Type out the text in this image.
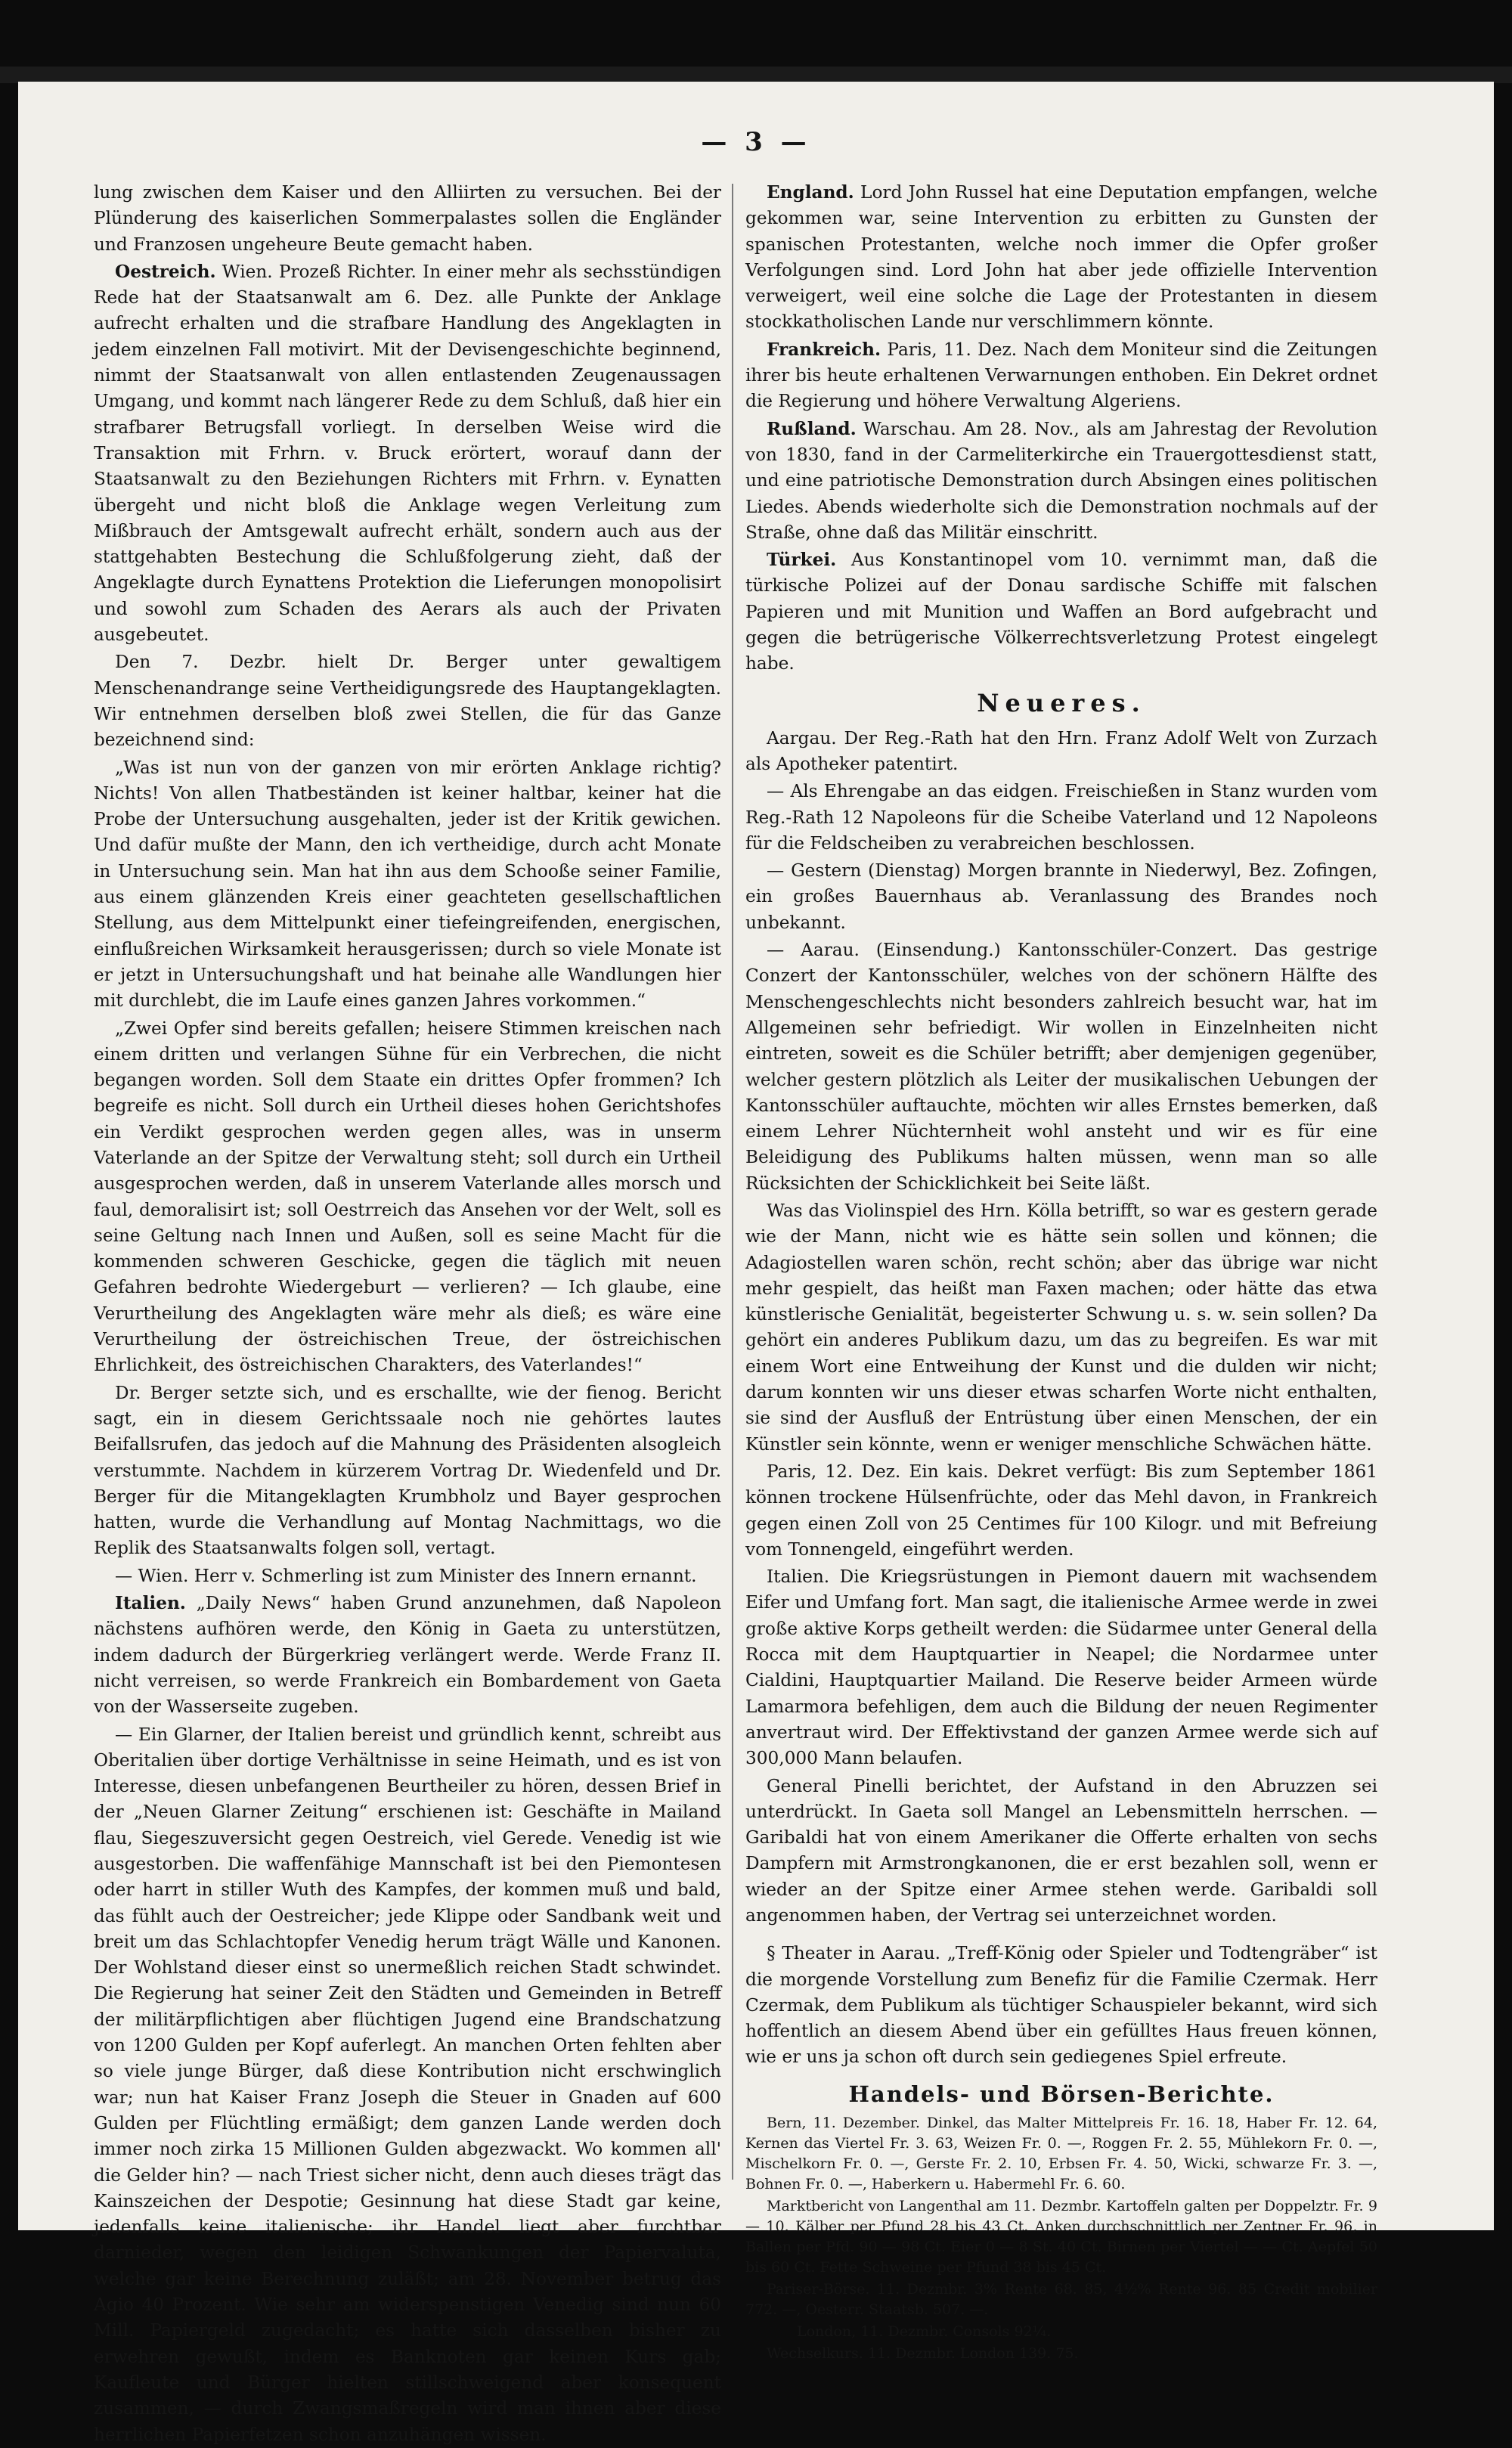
— 3 —

lung zwischen dem Kaiser und den Alliirten zu versuchen. Bei der Plünderung des kaiserlichen Sommerpalastes sollen die Engländer und Franzosen ungeheure Beute gemacht haben.

Oestreich. Wien. Prozeß Richter. In einer mehr als sechsstündigen Rede hat der Staatsanwalt am 6. Dez. alle Punkte der Anklage aufrecht erhalten und die strafbare Handlung des Angeklagten in jedem einzelnen Fall motivirt. Mit der Devisengeschichte beginnend, nimmt der Staatsanwalt von allen entlastenden Zeugenaussagen Umgang, und kommt nach längerer Rede zu dem Schluß, daß hier ein strafbarer Betrugsfall vorliegt. In derselben Weise wird die Transaktion mit Frhrn. v. Bruck erörtert, worauf dann der Staatsanwalt zu den Beziehungen Richters mit Frhrn. v. Eynatten übergeht und nicht bloß die Anklage wegen Verleitung zum Mißbrauch der Amtsgewalt aufrecht erhält, sondern auch aus der stattgehabten Bestechung die Schlußfolgerung zieht, daß der Angeklagte durch Eynattens Protektion die Lieferungen monopolisirt und sowohl zum Schaden des Aerars als auch der Privaten ausgebeutet.

Den 7. Dezbr. hielt Dr. Berger unter gewaltigem Menschenandrange seine Vertheidigungsrede des Hauptangeklagten. Wir entnehmen derselben bloß zwei Stellen, die für das Ganze bezeichnend sind:

„Was ist nun von der ganzen von mir erörten Anklage richtig? Nichts! Von allen Thatbeständen ist keiner haltbar, keiner hat die Probe der Untersuchung ausgehalten, jeder ist der Kritik gewichen. Und dafür mußte der Mann, den ich vertheidige, durch acht Monate in Untersuchung sein. Man hat ihn aus dem Schooße seiner Familie, aus einem glänzenden Kreis einer geachteten gesellschaftlichen Stellung, aus dem Mittelpunkt einer tiefeingreifenden, energischen, einflußreichen Wirksamkeit herausgerissen; durch so viele Monate ist er jetzt in Untersuchungshaft und hat beinahe alle Wandlungen hier mit durchlebt, die im Laufe eines ganzen Jahres vorkommen.“

„Zwei Opfer sind bereits gefallen; heisere Stimmen kreischen nach einem dritten und verlangen Sühne für ein Verbrechen, die nicht begangen worden. Soll dem Staate ein drittes Opfer frommen? Ich begreife es nicht. Soll durch ein Urtheil dieses hohen Gerichtshofes ein Verdikt gesprochen werden gegen alles, was in unserm Vaterlande an der Spitze der Verwaltung steht; soll durch ein Urtheil ausgesprochen werden, daß in unserem Vaterlande alles morsch und faul, demoralisirt ist; soll Oestrreich das Ansehen vor der Welt, soll es seine Geltung nach Innen und Außen, soll es seine Macht für die kommenden schweren Geschicke, gegen die täglich mit neuen Gefahren bedrohte Wiedergeburt — verlieren? — Ich glaube, eine Verurtheilung des Angeklagten wäre mehr als dieß; es wäre eine Verurtheilung der östreichischen Treue, der östreichischen Ehrlichkeit, des östreichischen Charakters, des Vaterlandes!“

Dr. Berger setzte sich, und es erschallte, wie der fienog. Bericht sagt, ein in diesem Gerichtssaale noch nie gehörtes lautes Beifallsrufen, das jedoch auf die Mahnung des Präsidenten alsogleich verstummte. Nachdem in kürzerem Vortrag Dr. Wiedenfeld und Dr. Berger für die Mitangeklagten Krumbholz und Bayer gesprochen hatten, wurde die Verhandlung auf Montag Nachmittags, wo die Replik des Staatsanwalts folgen soll, vertagt.

— Wien. Herr v. Schmerling ist zum Minister des Innern ernannt.

Italien. „Daily News“ haben Grund anzunehmen, daß Napoleon nächstens aufhören werde, den König in Gaeta zu unterstützen, indem dadurch der Bürgerkrieg verlängert werde. Werde Franz II. nicht verreisen, so werde Frankreich ein Bombardement von Gaeta von der Wasserseite zugeben.

— Ein Glarner, der Italien bereist und gründlich kennt, schreibt aus Oberitalien über dortige Verhältnisse in seine Heimath, und es ist von Interesse, diesen unbefangenen Beurtheiler zu hören, dessen Brief in der „Neuen Glarner Zeitung“ erschienen ist: Geschäfte in Mailand flau, Siegeszuversicht gegen Oestreich, viel Gerede. Venedig ist wie ausgestorben. Die waffenfähige Mannschaft ist bei den Piemontesen oder harrt in stiller Wuth des Kampfes, der kommen muß und bald, das fühlt auch der Oestreicher; jede Klippe oder Sandbank weit und breit um das Schlachtopfer Venedig herum trägt Wälle und Kanonen. Der Wohlstand dieser einst so unermeßlich reichen Stadt schwindet. Die Regierung hat seiner Zeit den Städten und Gemeinden in Betreff der militärpflichtigen aber flüchtigen Jugend eine Brandschatzung von 1200 Gulden per Kopf auferlegt. An manchen Orten fehlten aber so viele junge Bürger, daß diese Kontribution nicht erschwinglich war; nun hat Kaiser Franz Joseph die Steuer in Gnaden auf 600 Gulden per Flüchtling ermäßigt; dem ganzen Lande werden doch immer noch zirka 15 Millionen Gulden abgezwackt. Wo kommen all' die Gelder hin? — nach Triest sicher nicht, denn auch dieses trägt das Kainszeichen der Despotie; Gesinnung hat diese Stadt gar keine, jedenfalls keine italienische; ihr Handel liegt aber furchtbar darnieder, wegen den leidigen Schwankungen der Papiervaluta, welche gar keine Berechnung zuläßt; am 28. November betrug das Agio 40 Prozent. Wie sehr am widerspenstigen Venedig sind nun 60 Mill. Papiergeld zugedacht; es hatte sich dasselben bisher zu erwehren gewußt, indem es Banknoten gar keinen Kurs gab; Kaufleute und Bürger hielten stillschweigend aber konsequent zusammen, — durch Zwangsmaßregeln wird man ihnen aber diese herrlichen Papierfetzen schon anzuhängen wissen.

England. Lord John Russel hat eine Deputation empfangen, welche gekommen war, seine Intervention zu erbitten zu Gunsten der spanischen Protestanten, welche noch immer die Opfer großer Verfolgungen sind. Lord John hat aber jede offizielle Intervention verweigert, weil eine solche die Lage der Protestanten in diesem stockkatholischen Lande nur verschlimmern könnte.

Frankreich. Paris, 11. Dez. Nach dem Moniteur sind die Zeitungen ihrer bis heute erhaltenen Verwarnungen enthoben. Ein Dekret ordnet die Regierung und höhere Verwaltung Algeriens.

Rußland. Warschau. Am 28. Nov., als am Jahrestag der Revolution von 1830, fand in der Carmeliterkirche ein Trauergottesdienst statt, und eine patriotische Demonstration durch Absingen eines politischen Liedes. Abends wiederholte sich die Demonstration nochmals auf der Straße, ohne daß das Militär einschritt.

Türkei. Aus Konstantinopel vom 10. vernimmt man, daß die türkische Polizei auf der Donau sardische Schiffe mit falschen Papieren und mit Munition und Waffen an Bord aufgebracht und gegen die betrügerische Völkerrechtsverletzung Protest eingelegt habe.

Neueres.

Aargau. Der Reg.-Rath hat den Hrn. Franz Adolf Welt von Zurzach als Apotheker patentirt.

— Als Ehrengabe an das eidgen. Freischießen in Stanz wurden vom Reg.-Rath 12 Napoleons für die Scheibe Vaterland und 12 Napoleons für die Feldscheiben zu verabreichen beschlossen.

— Gestern (Dienstag) Morgen brannte in Niederwyl, Bez. Zofingen, ein großes Bauernhaus ab. Veranlassung des Brandes noch unbekannt.

— Aarau. (Einsendung.) Kantonsschüler-Conzert. Das gestrige Conzert der Kantonsschüler, welches von der schönern Hälfte des Menschengeschlechts nicht besonders zahlreich besucht war, hat im Allgemeinen sehr befriedigt. Wir wollen in Einzelnheiten nicht eintreten, soweit es die Schüler betrifft; aber demjenigen gegenüber, welcher gestern plötzlich als Leiter der musikalischen Uebungen der Kantonsschüler auftauchte, möchten wir alles Ernstes bemerken, daß einem Lehrer Nüchternheit wohl ansteht und wir es für eine Beleidigung des Publikums halten müssen, wenn man so alle Rücksichten der Schicklichkeit bei Seite läßt.

Was das Violinspiel des Hrn. Kölla betrifft, so war es gestern gerade wie der Mann, nicht wie es hätte sein sollen und können; die Adagiostellen waren schön, recht schön; aber das übrige war nicht mehr gespielt, das heißt man Faxen machen; oder hätte das etwa künstlerische Genialität, begeisterter Schwung u. s. w. sein sollen? Da gehört ein anderes Publikum dazu, um das zu begreifen. Es war mit einem Wort eine Entweihung der Kunst und die dulden wir nicht; darum konnten wir uns dieser etwas scharfen Worte nicht enthalten, sie sind der Ausfluß der Entrüstung über einen Menschen, der ein Künstler sein könnte, wenn er weniger menschliche Schwächen hätte.

Paris, 12. Dez. Ein kais. Dekret verfügt: Bis zum September 1861 können trockene Hülsenfrüchte, oder das Mehl davon, in Frankreich gegen einen Zoll von 25 Centimes für 100 Kilogr. und mit Befreiung vom Tonnengeld, eingeführt werden.

Italien. Die Kriegsrüstungen in Piemont dauern mit wachsendem Eifer und Umfang fort. Man sagt, die italienische Armee werde in zwei große aktive Korps getheilt werden: die Südarmee unter General della Rocca mit dem Hauptquartier in Neapel; die Nordarmee unter Cialdini, Hauptquartier Mailand. Die Reserve beider Armeen würde Lamarmora befehligen, dem auch die Bildung der neuen Regimenter anvertraut wird. Der Effektivstand der ganzen Armee werde sich auf 300,000 Mann belaufen.

General Pinelli berichtet, der Aufstand in den Abruzzen sei unterdrückt. In Gaeta soll Mangel an Lebensmitteln herrschen. — Garibaldi hat von einem Amerikaner die Offerte erhalten von sechs Dampfern mit Armstrongkanonen, die er erst bezahlen soll, wenn er wieder an der Spitze einer Armee stehen werde. Garibaldi soll angenommen haben, der Vertrag sei unterzeichnet worden.

§ Theater in Aarau. „Treff-König oder Spieler und Todtengräber“ ist die morgende Vorstellung zum Benefiz für die Familie Czermak. Herr Czermak, dem Publikum als tüchtiger Schauspieler bekannt, wird sich hoffentlich an diesem Abend über ein gefülltes Haus freuen können, wie er uns ja schon oft durch sein gediegenes Spiel erfreute.

Handels- und Börsen-Berichte.

Bern, 11. Dezember. Dinkel, das Malter Mittelpreis Fr. 16. 18, Haber Fr. 12. 64, Kernen das Viertel Fr. 3. 63, Weizen Fr. 0. —, Roggen Fr. 2. 55, Mühlekorn Fr. 0. —, Mischelkorn Fr. 0. —, Gerste Fr. 2. 10, Erbsen Fr. 4. 50, Wicki, schwarze Fr. 3. —, Bohnen Fr. 0. —, Haberkern u. Habermehl Fr. 6. 60.

Marktbericht von Langenthal am 11. Dezmbr. Kartoffeln galten per Doppelztr. Fr. 9 — 10. Kälber per Pfund 28 bis 43 Ct. Anken durchschnittlich per Zentner Fr. 96, in Ballen per Pfd. 90 — 98 Ct. Eier 0 — 8 St. 40 Ct. Birnen per Viertel — — Ct. Aepfel 50 bis 60 Ct. Fette Schweine per Pfund 38 bis 45 Ct.

Pariser-Börse. 11. Dezmbr. 3% Rente 68. 85, 4½% Rente 96. 85 Credit mobilier 772. —, Oesterr. Staatsb. 507. —.

London, 11. Dezmbr. Consols 92¼.

Wechselkurs. 11. Dezmbr. London 139. 75.
